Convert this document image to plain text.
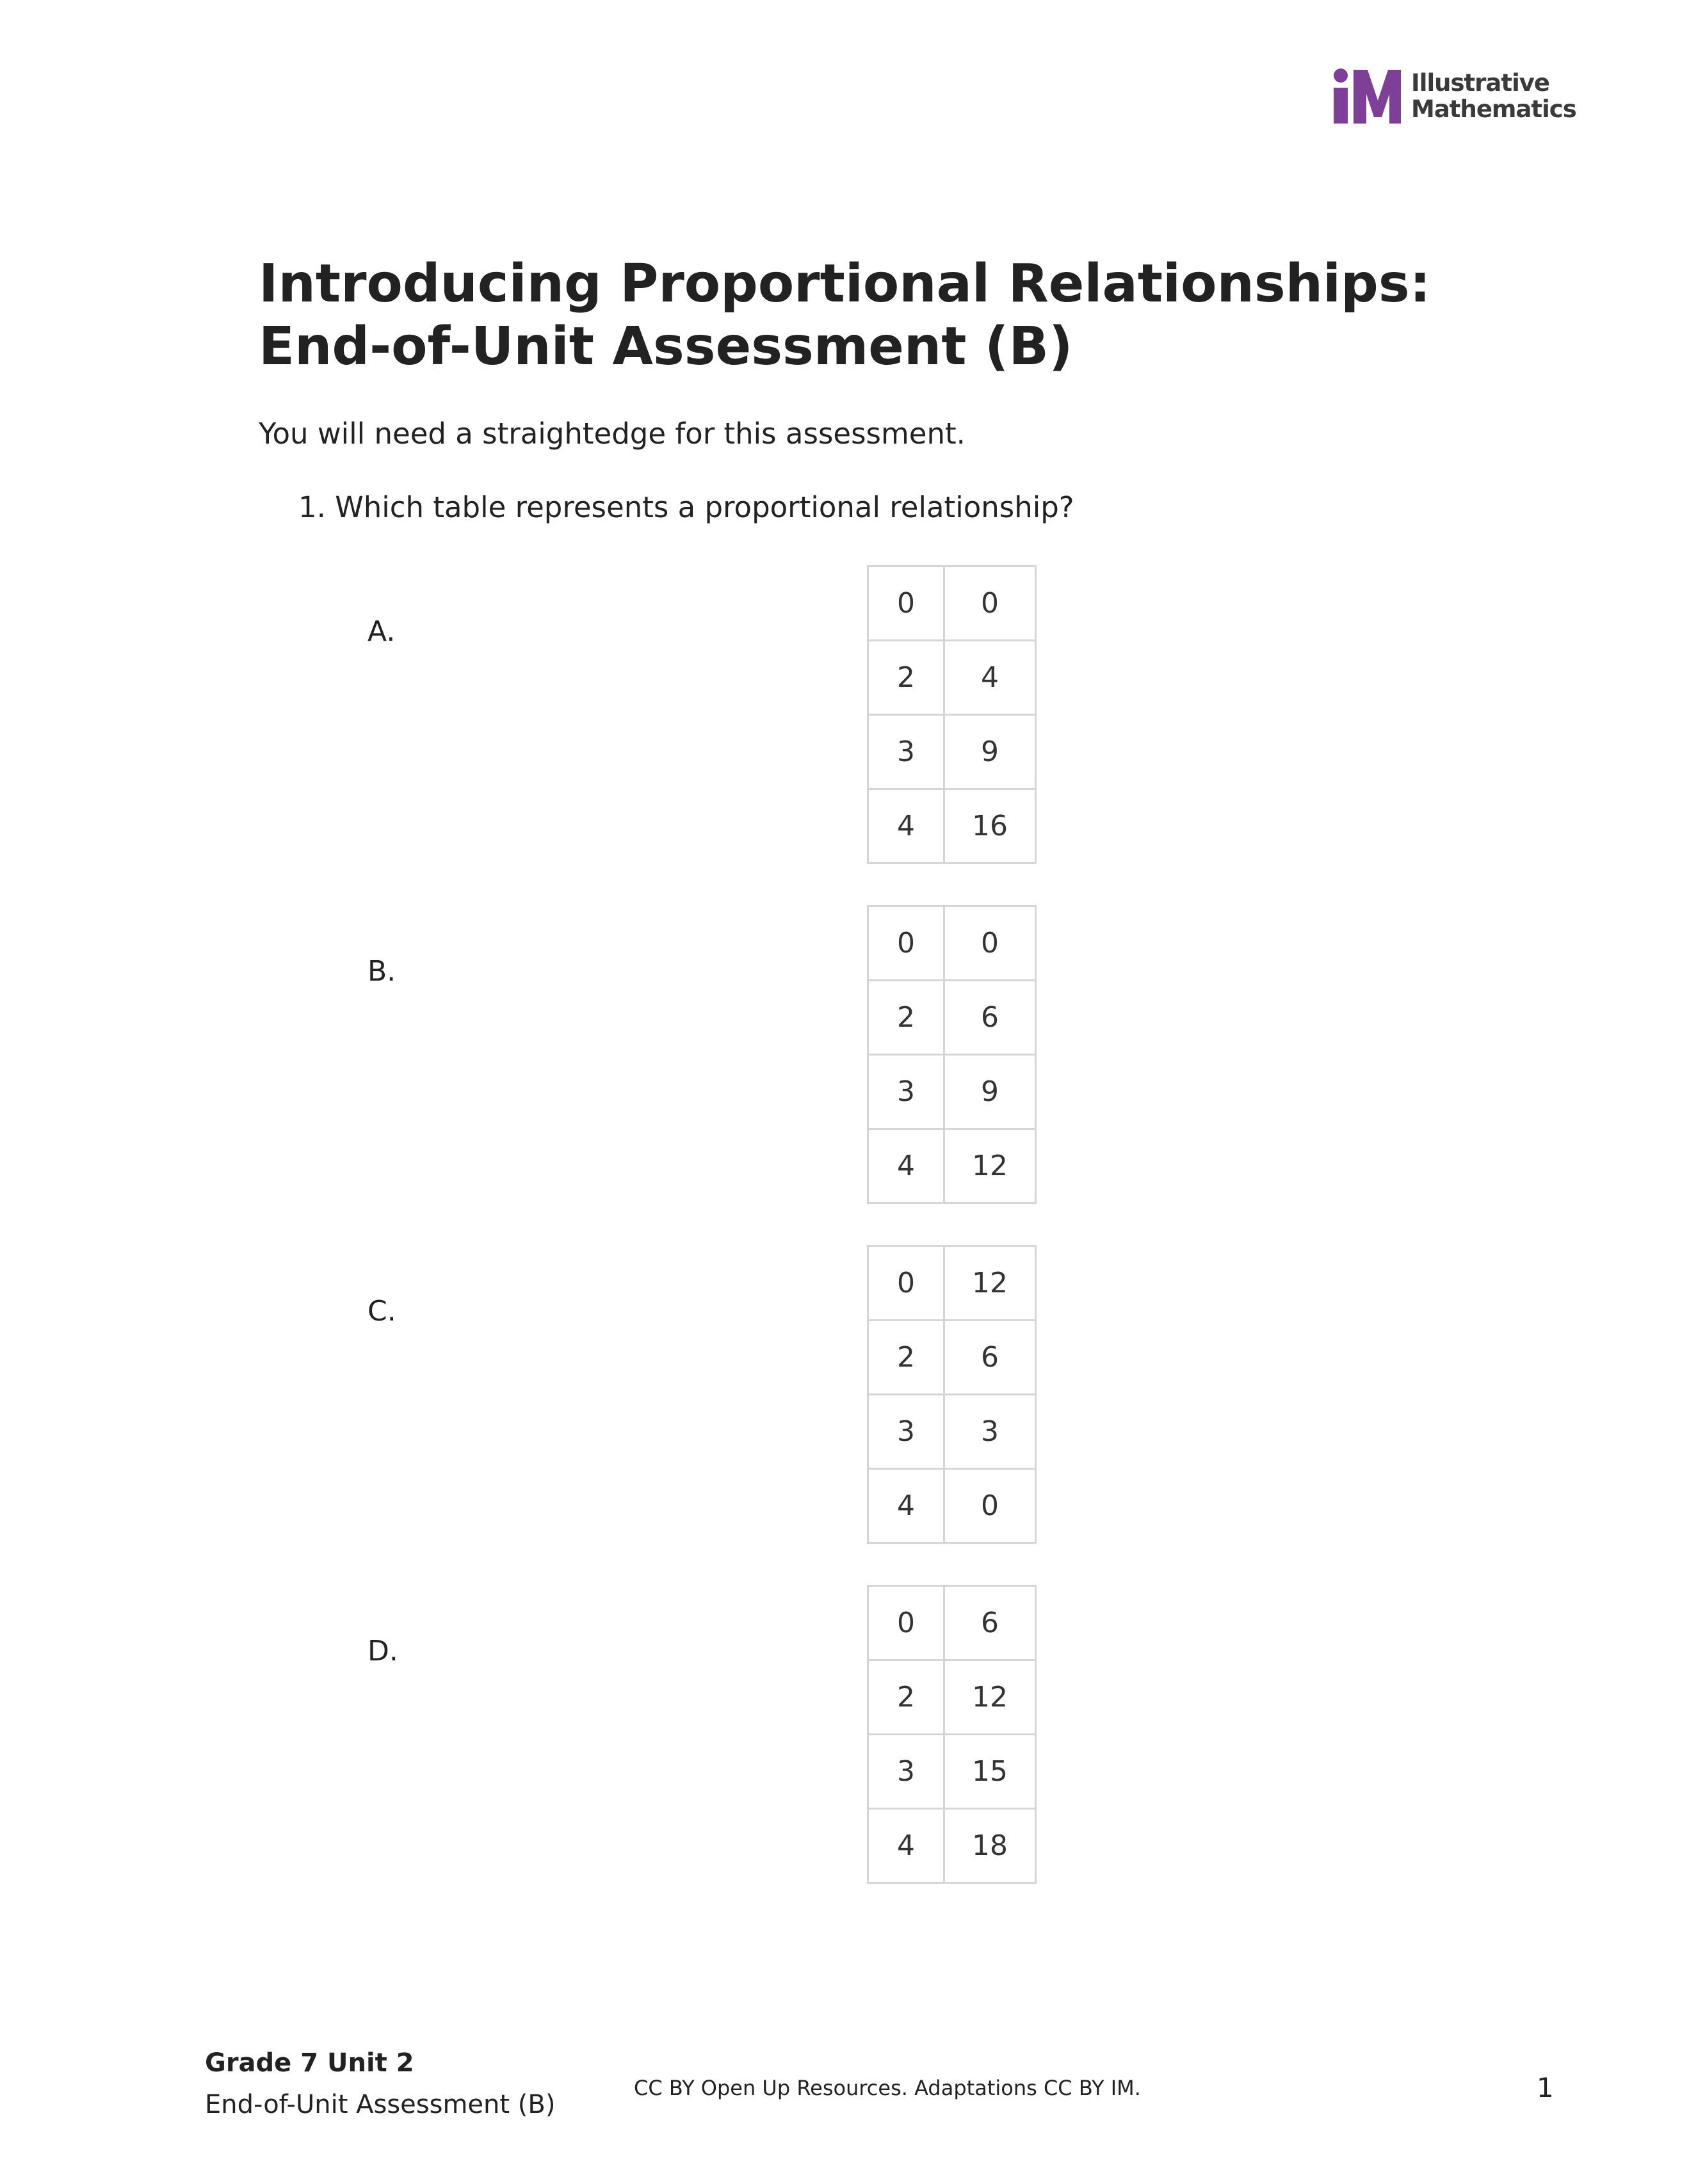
Illustrative
Mathematics
Introducing Proportional Relationships:
End-of-Unit Assessment (B)
You will need a straightedge for this assessment.
1. Which table represents a proportional relationship?
A.
0	0
2	4
3	9
4	16
B.
0	0
2	6
3	9
4	12
C.
0	12
2	6
3	3
4	0
D.
0	6
2	12
3	15
4	18
Grade 7 Unit 2
End-of-Unit Assessment (B)
CC BY Open Up Resources. Adaptations CC BY IM.	1
